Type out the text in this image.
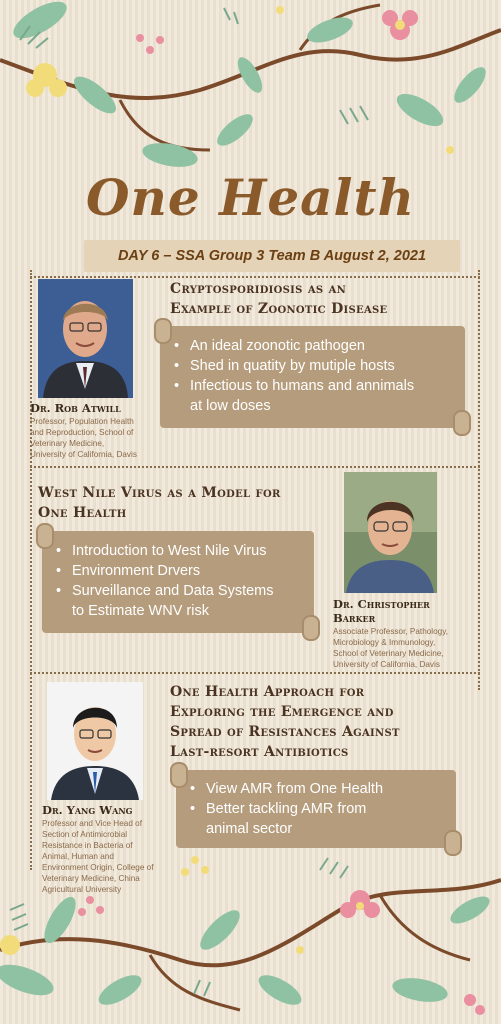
One Health
DAY 6 – SSA Group 3 Team B August 2, 2021
Cryptosporidiosis as an
Example of Zoonotic Disease
• An ideal zoonotic pathogen
• Shed in quatity by mutiple hosts
• Infectious to humans and annimals
at low doses
Dr. Rob Atwill
Professor, Population Health
and Reproduction, School of
Veterinary Medicine,
University of California, Davis
West Nile Virus as a Model for
One Health
• Introduction to West Nile Virus
• Environment Drvers
• Surveillance and Data Systems
to Estimate WNV risk	Dr. Christopher
Barker
Associate Professor, Pathology,
Microbiology & Immunology,
School of Veterinary Medicine,
University of California, Davis
One Health Approach for
Exploring the Emergence and
Spread of Resistances Against
Last-resort Antibiotics
• View AMR from One Health
• Better tackling AMR from
animal sector
Dr. Yang Wang
Professor and Vice Head of
Section of Antimicrobial
Resistance in Bacteria of
Animal, Human and
Environment Origin, College of
Veterinary Medicine, China
Agricultural University
